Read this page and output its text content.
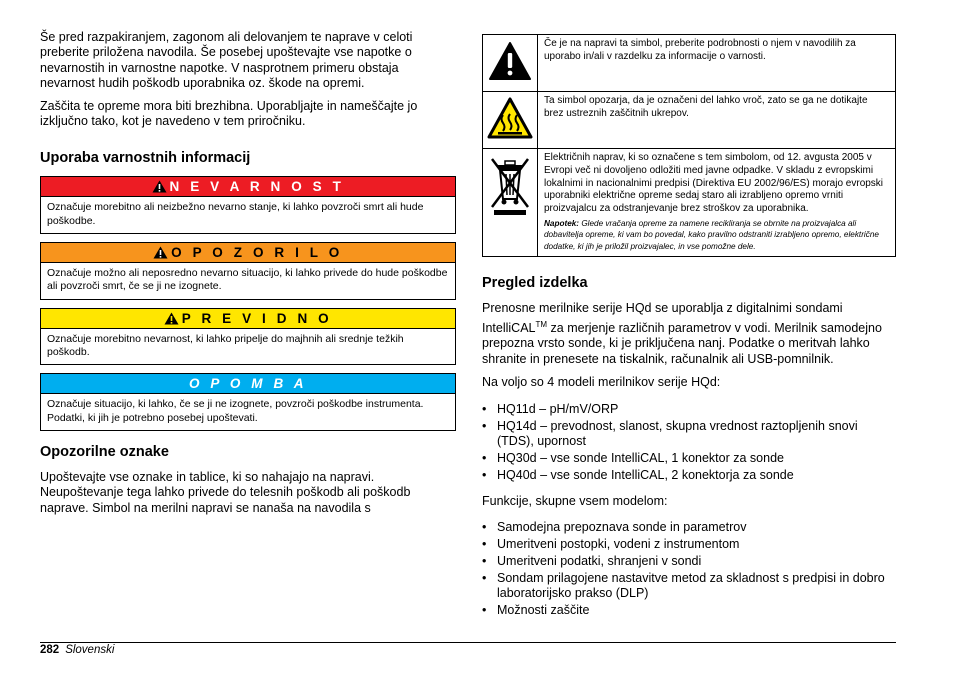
Še pred razpakiranjem, zagonom ali delovanjem te naprave v celoti preberite priložena navodila. Še posebej upoštevajte vse napotke o nevarnostih in varnostne napotke. V nasprotnem primeru obstaja nevarnost hudih poškodb uporabnika oz. škode na opremi.

Zaščita te opreme mora biti brezhibna. Uporabljajte in nameščajte jo izključno tako, kot je navedeno v tem priročniku.

Uporaba varnostnih informacij
N E V A R N O S T
Označuje morebitno ali neizbežno nevarno stanje, ki lahko povzroči smrt ali hude poškodbe.
O P O Z O R I L O
Označuje možno ali neposredno nevarno situacijo, ki lahko privede do hude poškodbe ali povzroči smrt, če se ji ne izognete.
P R E V I D N O
Označuje morebitno nevarnost, ki lahko pripelje do majhnih ali srednje težkih poškodb.
O P O M B A
Označuje situacijo, ki lahko, če se ji ne izognete, povzroči poškodbe instrumenta. Podatki, ki jih je potrebno posebej upoštevati.
Opozorilne oznake

Upoštevajte vse oznake in tablice, ki so nahajajo na napravi. Neupoštevanje tega lahko privede do telesnih poškodb ali poškodb naprave. Simbol na merilni napravi se nanaša na navodila s

	Če je na napravi ta simbol, preberite podrobnosti o njem v navodilih za uporabo in/ali v razdelku za informacije o varnosti.
	Ta simbol opozarja, da je označeni del lahko vroč, zato se ga ne dotikajte brez ustreznih zaščitnih ukrepov.

Električnih naprav, ki so označene s tem simbolom, od 12. avgusta 2005 v Evropi več ni dovoljeno odložiti med javne odpadke. V skladu z evropskimi lokalnimi in nacionalnimi predpisi (Direktiva EU 2002/96/ES) morajo evropski uporabniki električne opreme sedaj staro ali izrabljeno opremo vrniti proizvajalcu za odstranjevanje brez stroškov za uporabnika.
Napotek: Glede vračanja opreme za namene recikliranja se obrnite na proizvajalca ali dobavitelja opreme, ki vam bo povedal, kako pravilno odstraniti izrabljeno opremo, električne dodatke, ki jih je priložil proizvajalec, in vse pomožne dele.
Pregled izdelka

Prenosne merilnike serije HQd se uporablja z digitalnimi sondami IntelliCAL™ za merjenje različnih parametrov v vodi. Merilnik samodejno prepozna vrsto sonde, ki je priključena nanj. Podatke o meritvah lahko shranite in prenesete na tiskalnik, računalnik ali USB-pomnilnik.

Na voljo so 4 modeli merilnikov serije HQd:

• HQ11d – pH/mV/ORP
• HQ14d – prevodnost, slanost, skupna vrednost raztopljenih snovi (TDS), upornost
• HQ30d – vse sonde IntelliCAL, 1 konektor za sonde
• HQ40d – vse sonde IntelliCAL, 2 konektorja za sonde

Funkcije, skupne vsem modelom:

• Samodejna prepoznava sonde in parametrov
• Umeritveni postopki, vodeni z instrumentom
• Umeritveni podatki, shranjeni v sondi
• Sondam prilagojene nastavitve metod za skladnost s predpisi in dobro laboratorijsko prakso (DLP)
• Možnosti zaščite
282 Slovenski
